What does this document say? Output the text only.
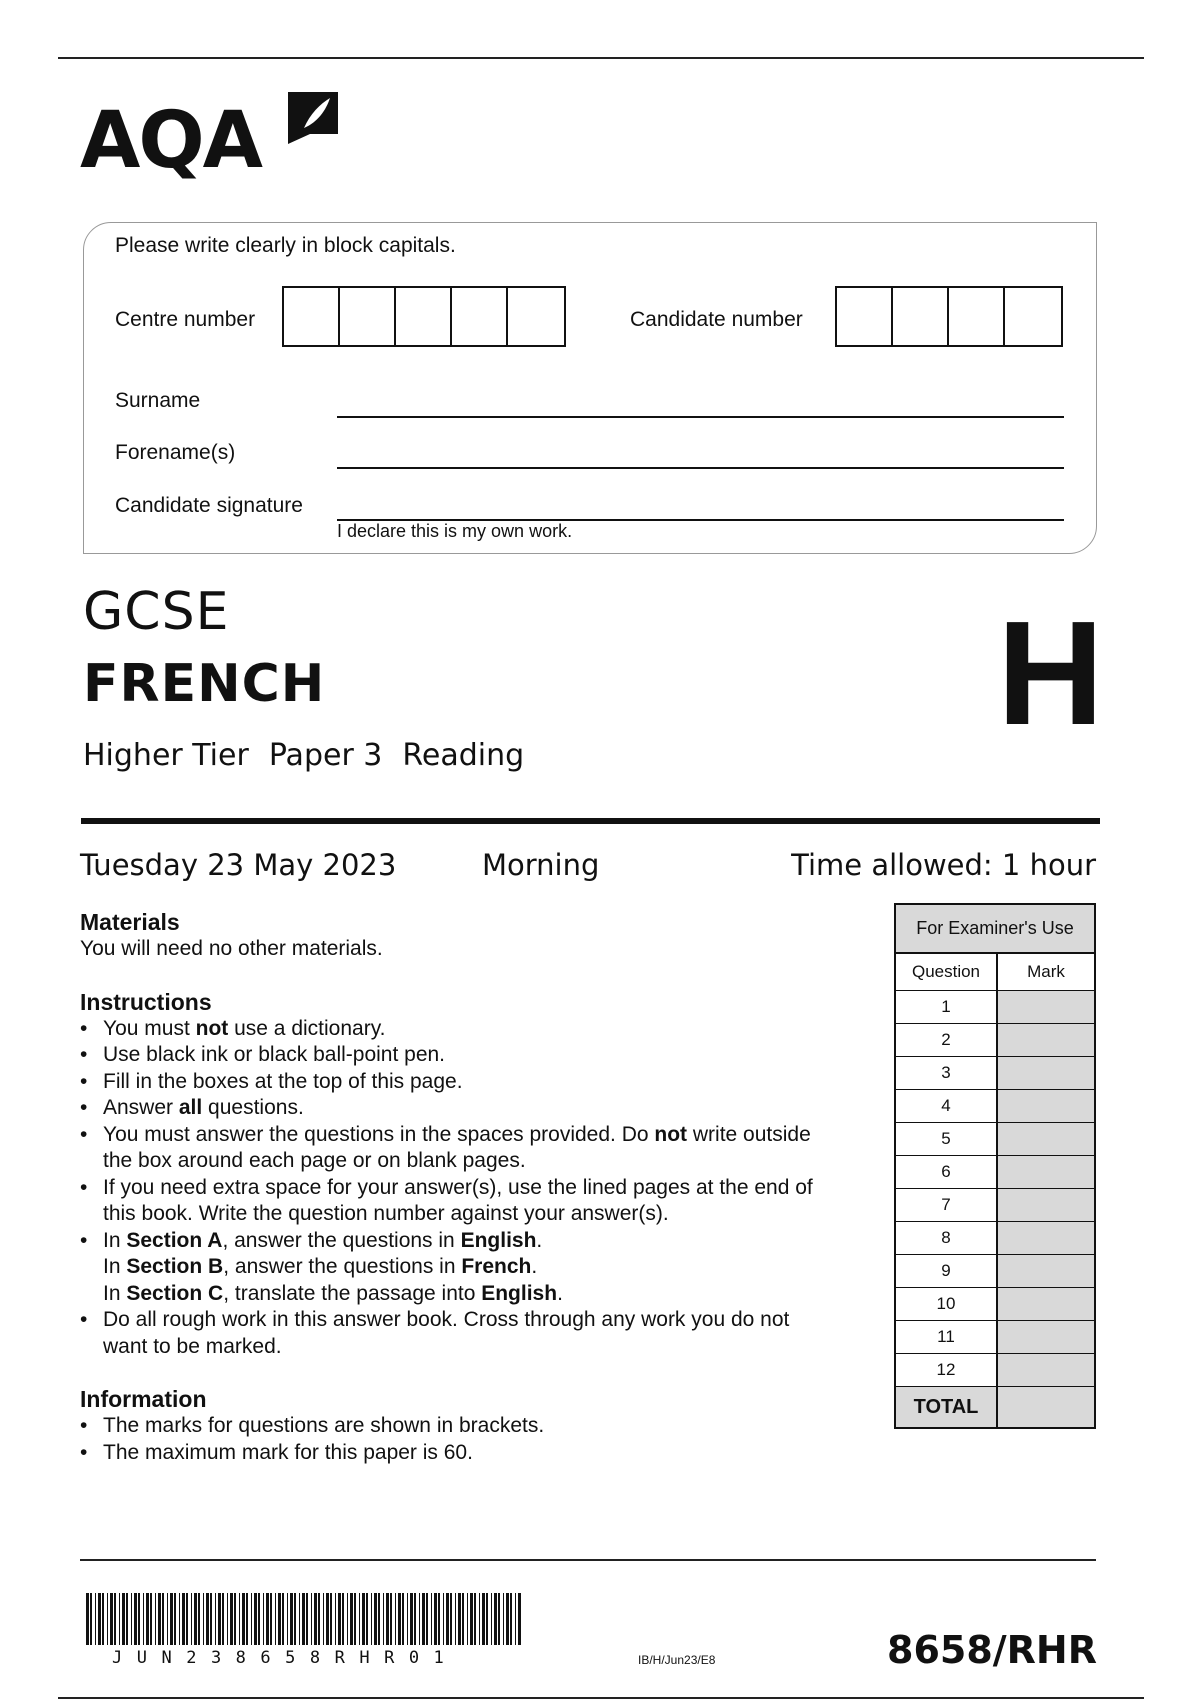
AQA
Please write clearly in block capitals.
Centre number	Candidate number
Surname
Forename(s)
Candidate signature
I declare this is my own work.
GCSE
FRENCH
Higher Tier Paper 3 Reading	H
Tuesday 23 May 2023	Morning	Time allowed: 1 hour
Materials
You will need no other materials.
Instructions
• You must not use a dictionary.
• Use black ink or black ball-point pen.
• Fill in the boxes at the top of this page.
• Answer all questions.
• You must answer the questions in the spaces provided. Do not write outside
the box around each page or on blank pages.
• If you need extra space for your answer(s), use the lined pages at the end of
this book. Write the question number against your answer(s).
• In Section A, answer the questions in English.
In Section B, answer the questions in French.
In Section C, translate the passage into English.
• Do all rough work in this answer book. Cross through any work you do not
want to be marked.
Information
• The marks for questions are shown in brackets.
• The maximum mark for this paper is 60.
For Examiner's Use
Question	Mark
1	
2	
3	
4	
5	
6	
7	
8	
9	
10	
11	
12	
TOTAL	
JUN238658RHR01	IB/H/Jun23/E8	8658/RHR
